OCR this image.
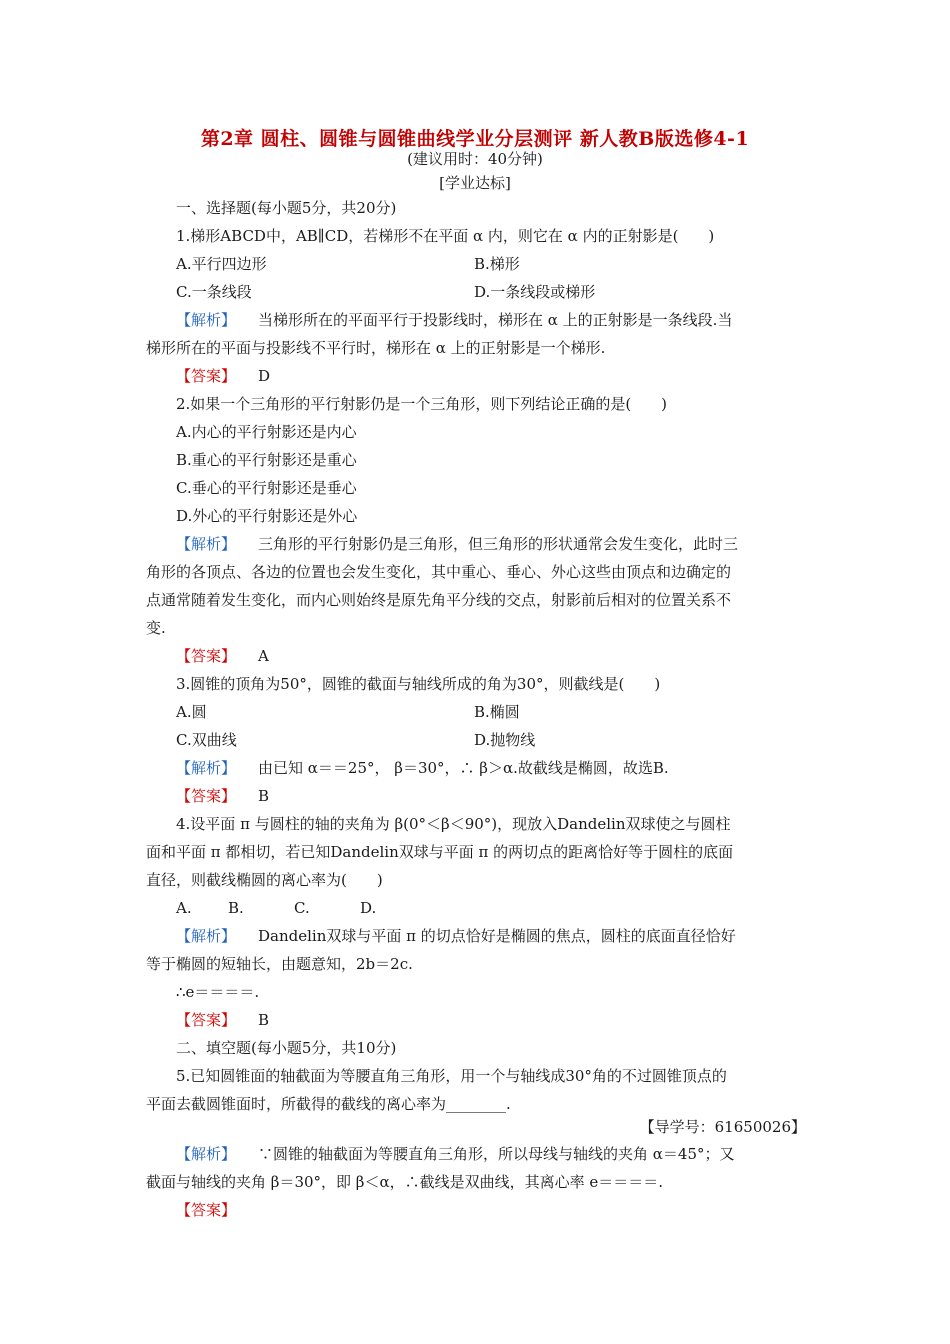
第2章 圆柱、圆锥与圆锥曲线学业分层测评 新人教B版选修4-1
(建议用时：40分钟)
[学业达标]
一、选择题(每小题5分，共20分)
1.梯形ABCD中，AB∥CD，若梯形不在平面 α 内，则它在 α 内的正射影是(　　)
A.平行四边形	B.梯形
C.一条线段	D.一条线段或梯形
【解析】 当梯形所在的平面平行于投影线时，梯形在 α 上的正射影是一条线段.当
梯形所在的平面与投影线不平行时，梯形在 α 上的正射影是一个梯形.
【答案】 D
2.如果一个三角形的平行射影仍是一个三角形，则下列结论正确的是(　　)
A.内心的平行射影还是内心
B.重心的平行射影还是重心
C.垂心的平行射影还是垂心
D.外心的平行射影还是外心
【解析】 三角形的平行射影仍是三角形，但三角形的形状通常会发生变化，此时三
角形的各顶点、各边的位置也会发生变化，其中重心、垂心、外心这些由顶点和边确定的
点通常随着发生变化，而内心则始终是原先角平分线的交点，射影前后相对的位置关系不
变.
【答案】 A
3.圆锥的顶角为50°，圆锥的截面与轴线所成的角为30°，则截线是(　　)
A.圆	B.椭圆
C.双曲线	D.抛物线
【解析】 由已知 α＝＝25°， β＝30°，∴ β＞α.故截线是椭圆，故选B.
【答案】 B
4.设平面 π 与圆柱的轴的夹角为 β(0°＜β＜90°)，现放入Dandelin双球使之与圆柱
面和平面 π 都相切，若已知Dandelin双球与平面 π 的两切点的距离恰好等于圆柱的底面
直径，则截线椭圆的离心率为(　　)
A. B.	C.	D.
【解析】 Dandelin双球与平面 π 的切点恰好是椭圆的焦点，圆柱的底面直径恰好
等于椭圆的短轴长，由题意知，2b＝2c.
∴e＝＝＝＝.
【答案】 B
二、填空题(每小题5分，共10分)
5.已知圆锥面的轴截面为等腰直角三角形，用一个与轴线成30°角的不过圆锥顶点的
平面去截圆锥面时，所截得的截线的离心率为________.
【导学号：61650026】
【解析】 ∵圆锥的轴截面为等腰直角三角形，所以母线与轴线的夹角 α＝45°；又
截面与轴线的夹角 β＝30°，即 β＜α，∴截线是双曲线，其离心率 e＝＝＝＝.
【答案】
